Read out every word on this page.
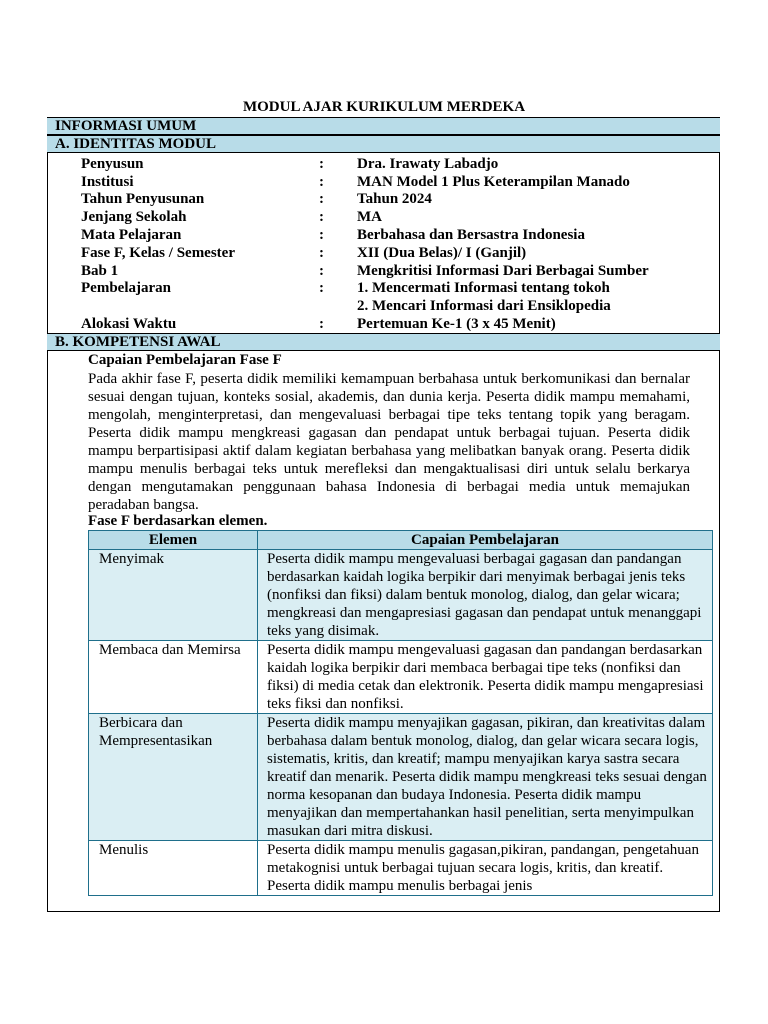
MODUL AJAR KURIKULUM MERDEKA
INFORMASI UMUM
A. IDENTITAS MODUL
Penyusun	: Dra. Irawaty Labadjo
Institusi	: MAN Model 1 Plus Keterampilan Manado
Tahun Penyusunan	: Tahun 2024
Jenjang Sekolah	: MA
Mata Pelajaran	: Berbahasa dan Bersastra Indonesia
Fase F, Kelas / Semester	: XII (Dua Belas)/ I (Ganjil)
Bab 1	: Mengkritisi Informasi Dari Berbagai Sumber
Pembelajaran	: 1. Mencermati Informasi tentang tokoh
2. Mencari Informasi dari Ensiklopedia
Alokasi Waktu	: Pertemuan Ke-1 (3 x 45 Menit)
B. KOMPETENSI AWAL
Capaian Pembelajaran Fase F
Pada akhir fase F, peserta didik memiliki kemampuan berbahasa untuk berkomunikasi dan bernalar sesuai dengan tujuan, konteks sosial, akademis, dan dunia kerja. Peserta didik mampu memahami, mengolah, menginterpretasi, dan mengevaluasi berbagai tipe teks tentang topik yang beragam. Peserta didik mampu mengkreasi gagasan dan pendapat untuk berbagai tujuan. Peserta didik mampu berpartisipasi aktif dalam kegiatan berbahasa yang melibatkan banyak orang. Peserta didik mampu menulis berbagai teks untuk merefleksi dan mengaktualisasi diri untuk selalu berkarya dengan mengutamakan penggunaan bahasa Indonesia di berbagai media untuk memajukan peradaban bangsa.
Fase F berdasarkan elemen.
Elemen	Capaian Pembelajaran
Menyimak	Peserta didik mampu mengevaluasi berbagai gagasan dan pandangan berdasarkan kaidah logika berpikir dari menyimak berbagai jenis teks (nonfiksi dan fiksi) dalam bentuk monolog, dialog, dan gelar wicara; mengkreasi dan mengapresiasi gagasan dan pendapat untuk menanggapi teks yang disimak.
Membaca dan Memirsa	Peserta didik mampu mengevaluasi gagasan dan pandangan berdasarkan kaidah logika berpikir dari membaca berbagai tipe teks (nonfiksi dan fiksi) di media cetak dan elektronik. Peserta didik mampu mengapresiasi teks fiksi dan nonfiksi.
Berbicara dan Mempresentasikan	Peserta didik mampu menyajikan gagasan, pikiran, dan kreativitas dalam berbahasa dalam bentuk monolog, dialog, dan gelar wicara secara logis, sistematis, kritis, dan kreatif; mampu menyajikan karya sastra secara kreatif dan menarik. Peserta didik mampu mengkreasi teks sesuai dengan norma kesopanan dan budaya Indonesia. Peserta didik mampu menyajikan dan mempertahankan hasil penelitian, serta menyimpulkan masukan dari mitra diskusi.
Menulis	Peserta didik mampu menulis gagasan,pikiran, pandangan, pengetahuan metakognisi untuk berbagai tujuan secara logis, kritis, dan kreatif. Peserta didik mampu menulis berbagai jenis
